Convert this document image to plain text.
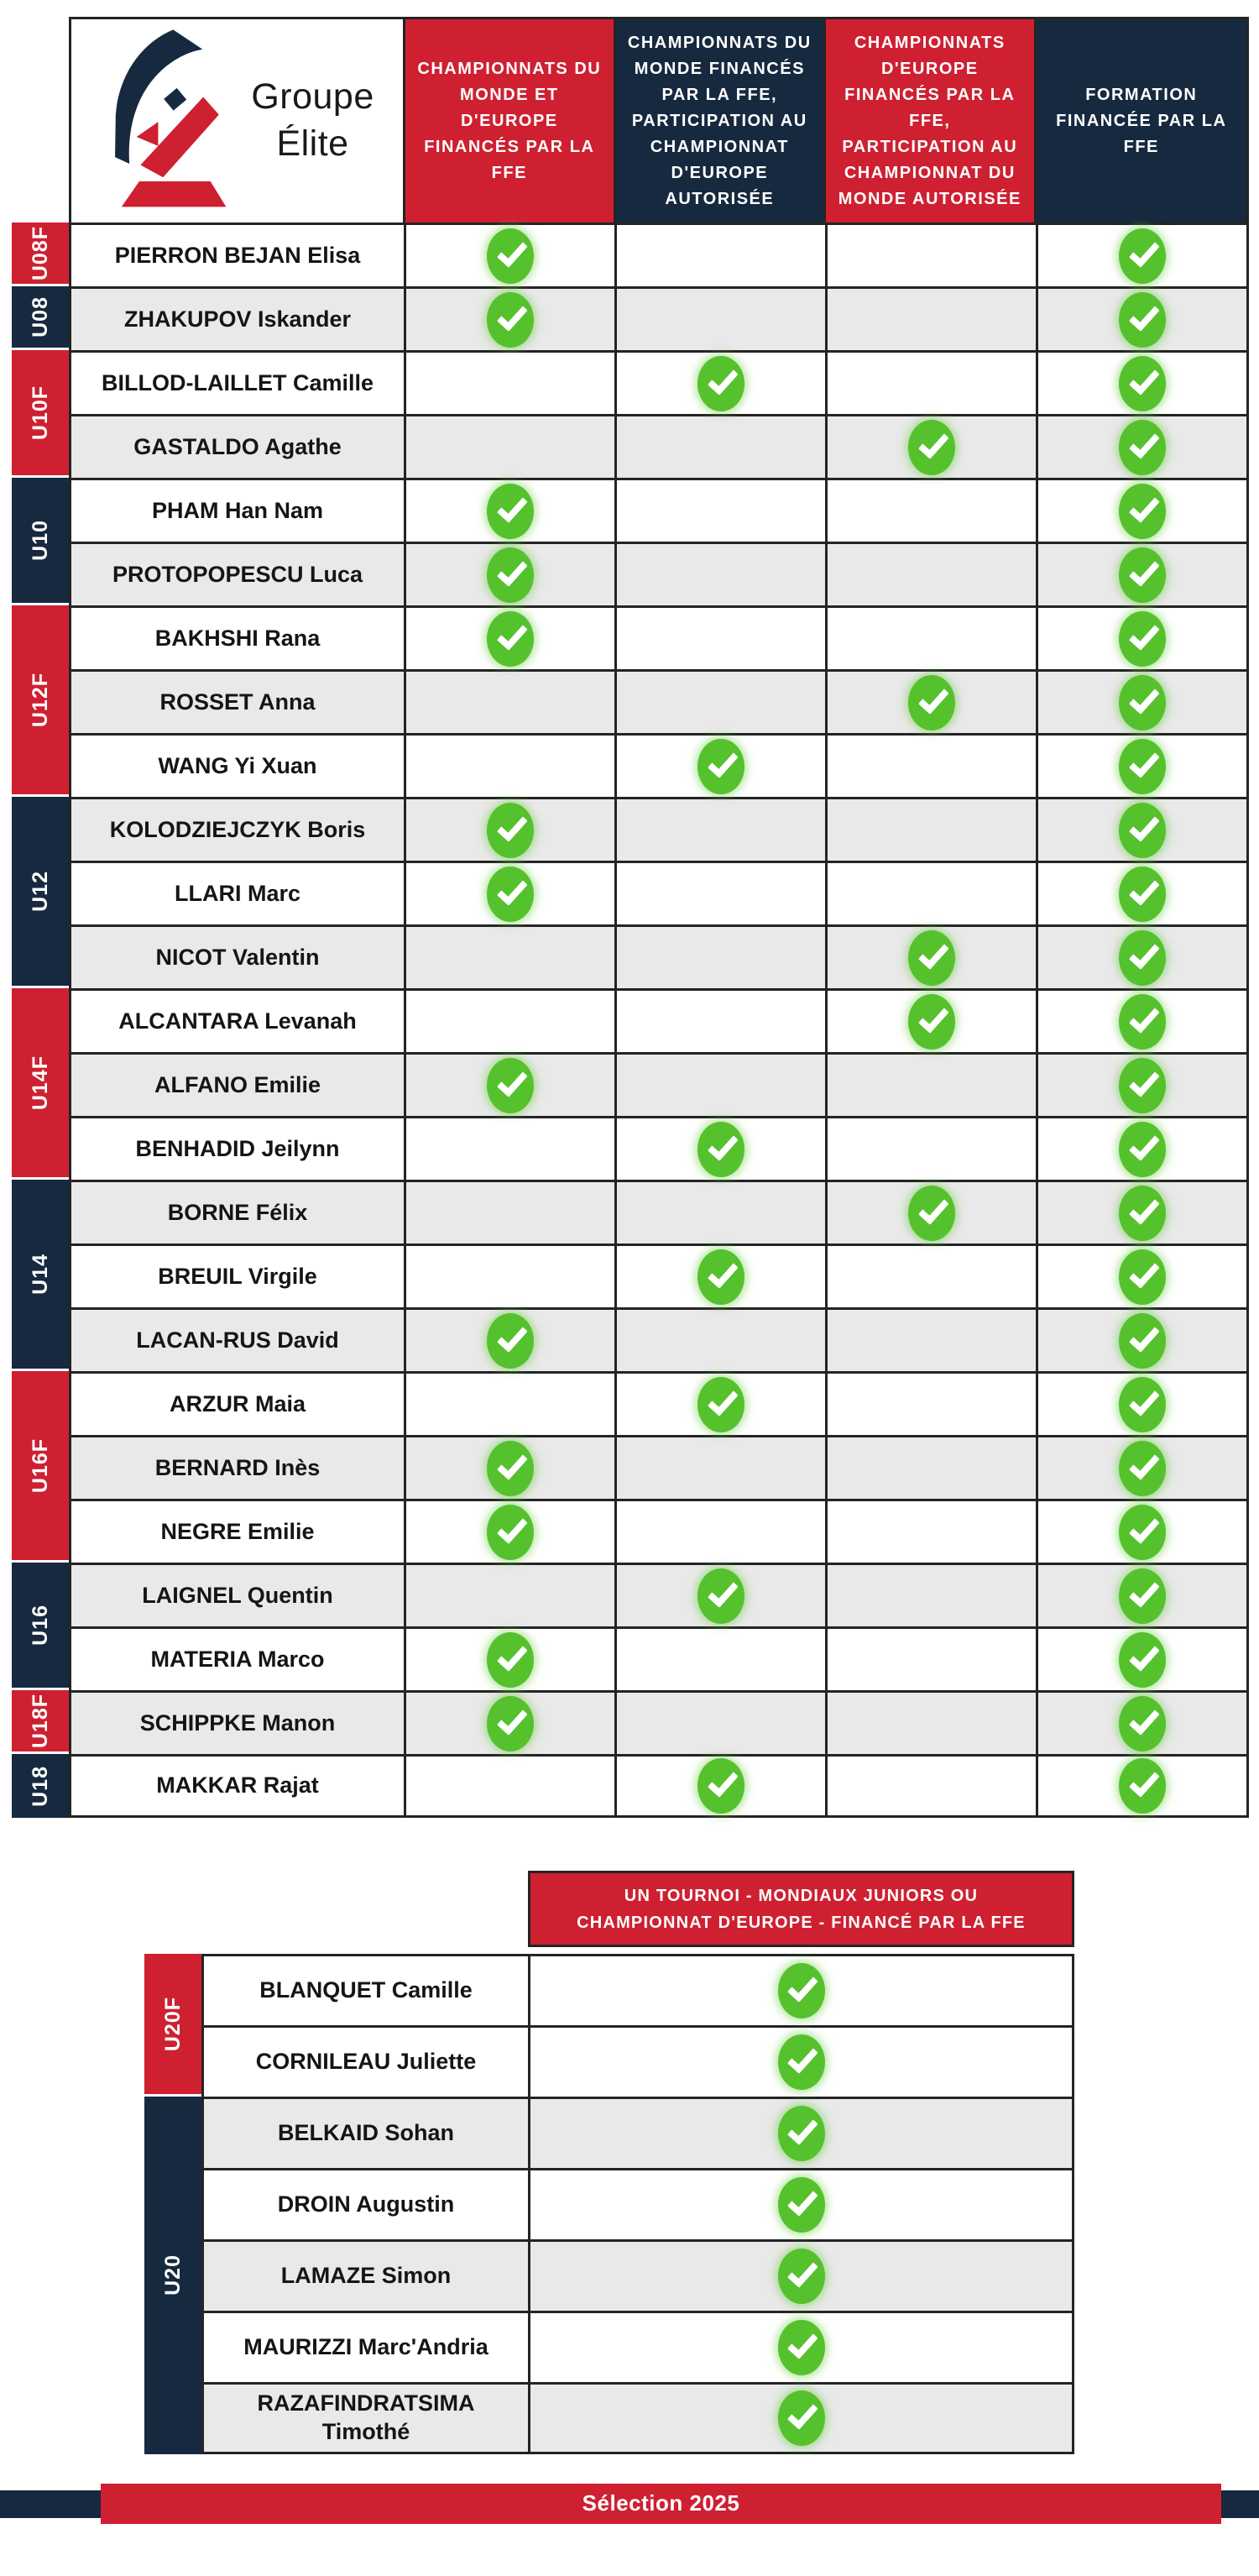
Groupe
Élite
CHAMPIONNATS DU MONDE ET D'EUROPE FINANCÉS PAR LA FFE
CHAMPIONNATS DU MONDE FINANCÉS PAR LA FFE, PARTICIPATION AU CHAMPIONNAT D'EUROPE AUTORISÉE
CHAMPIONNATS D'EUROPE FINANCÉS PAR LA FFE, PARTICIPATION AU CHAMPIONNAT DU MONDE AUTORISÉE
FORMATION FINANCÉE PAR LA FFE
U08F
U08
U10F
U10
U12F
U12
U14F
U14
U16F
U16
U18F
U18
PIERRON BEJAN Elisa
ZHAKUPOV Iskander
BILLOD-LAILLET Camille
GASTALDO Agathe
PHAM Han Nam
PROTOPOPESCU Luca
BAKHSHI Rana
ROSSET Anna
WANG Yi Xuan
KOLODZIEJCZYK Boris
LLARI Marc
NICOT Valentin
ALCANTARA Levanah
ALFANO Emilie
BENHADID Jeilynn
BORNE Félix
BREUIL Virgile
LACAN-RUS David
ARZUR Maia
BERNARD Inès
NEGRE Emilie
LAIGNEL Quentin
MATERIA Marco
SCHIPPKE Manon
MAKKAR Rajat
UN TOURNOI - MONDIAUX JUNIORS OU CHAMPIONNAT D'EUROPE - FINANCÉ PAR LA FFE
U20F
U20
BLANQUET Camille
CORNILEAU Juliette
BELKAID Sohan
DROIN Augustin
LAMAZE Simon
MAURIZZI Marc'Andria
RAZAFINDRATSIMA Timothé
Sélection 2025
